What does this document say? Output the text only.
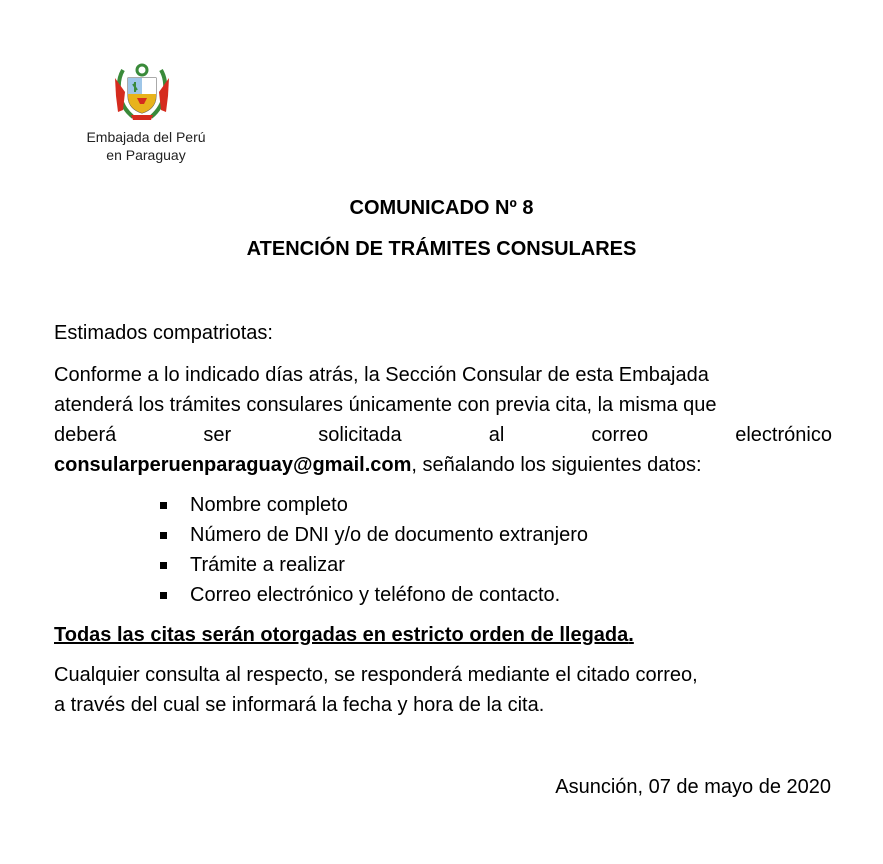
Embajada del Perú
en Paraguay
COMUNICADO Nº 8
ATENCIÓN DE TRÁMITES CONSULARES
Estimados compatriotas:
Conforme a lo indicado días atrás, la Sección Consular de esta Embajada
atenderá los trámites consulares únicamente con previa cita, la misma que
deberá	ser	solicitada	al	correo	electrónico
consularperuenparaguay@gmail.com, señalando los siguientes datos:
Nombre completo
Número de DNI y/o de documento extranjero
Trámite a realizar
Correo electrónico y teléfono de contacto.
Todas las citas serán otorgadas en estricto orden de llegada.
Cualquier consulta al respecto, se responderá mediante el citado correo,
a través del cual se informará la fecha y hora de la cita.
Asunción, 07 de mayo de 2020
